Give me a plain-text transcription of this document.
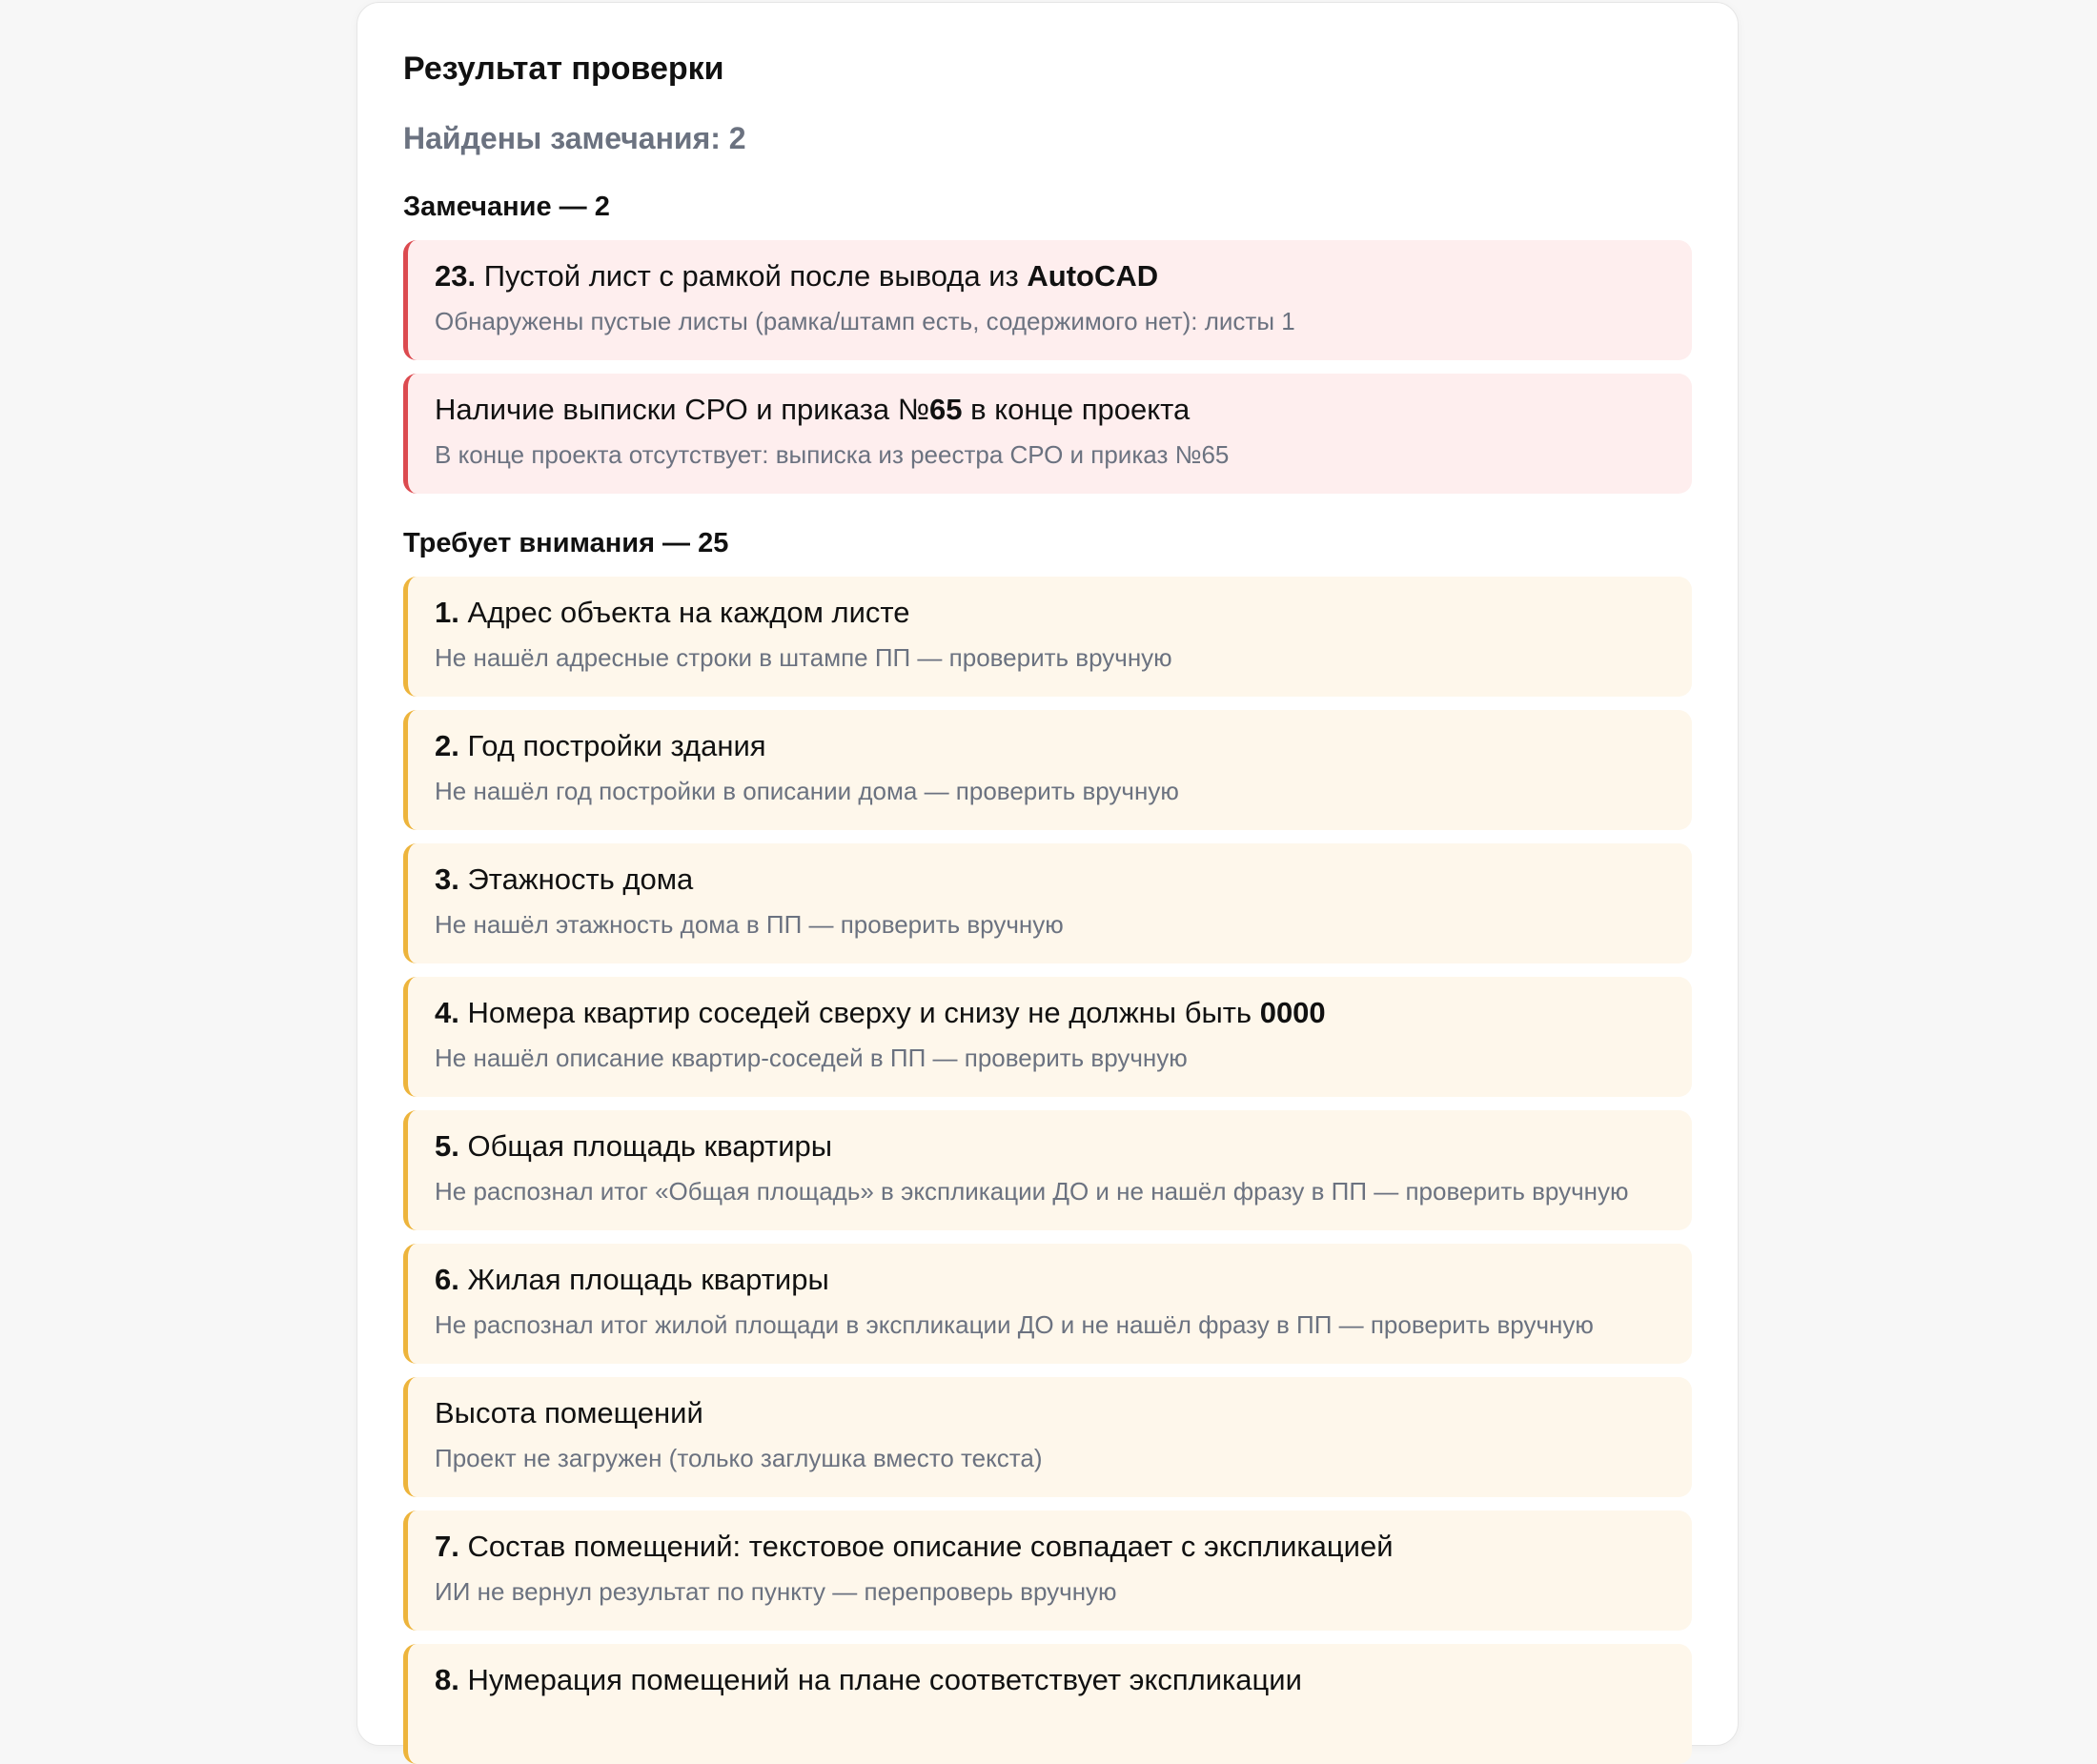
Результат проверки
Найдены замечания: 2
Замечание — 2
23. Пустой лист с рамкой после вывода из AutoCAD
Обнаружены пустые листы (рамка/штамп есть, содержимого нет): листы 1
Наличие выписки СРО и приказа №65 в конце проекта
В конце проекта отсутствует: выписка из реестра СРО и приказ №65
Требует внимания — 25
1. Адрес объекта на каждом листе
Не нашёл адресные строки в штампе ПП — проверить вручную
2. Год постройки здания
Не нашёл год постройки в описании дома — проверить вручную
3. Этажность дома
Не нашёл этажность дома в ПП — проверить вручную
4. Номера квартир соседей сверху и снизу не должны быть 0000
Не нашёл описание квартир-соседей в ПП — проверить вручную
5. Общая площадь квартиры
Не распознал итог «Общая площадь» в экспликации ДО и не нашёл фразу в ПП — проверить вручную
6. Жилая площадь квартиры
Не распознал итог жилой площади в экспликации ДО и не нашёл фразу в ПП — проверить вручную
Высота помещений
Проект не загружен (только заглушка вместо текста)
7. Состав помещений: текстовое описание совпадает с экспликацией
ИИ не вернул результат по пункту — перепроверь вручную
8. Нумерация помещений на плане соответствует экспликации
